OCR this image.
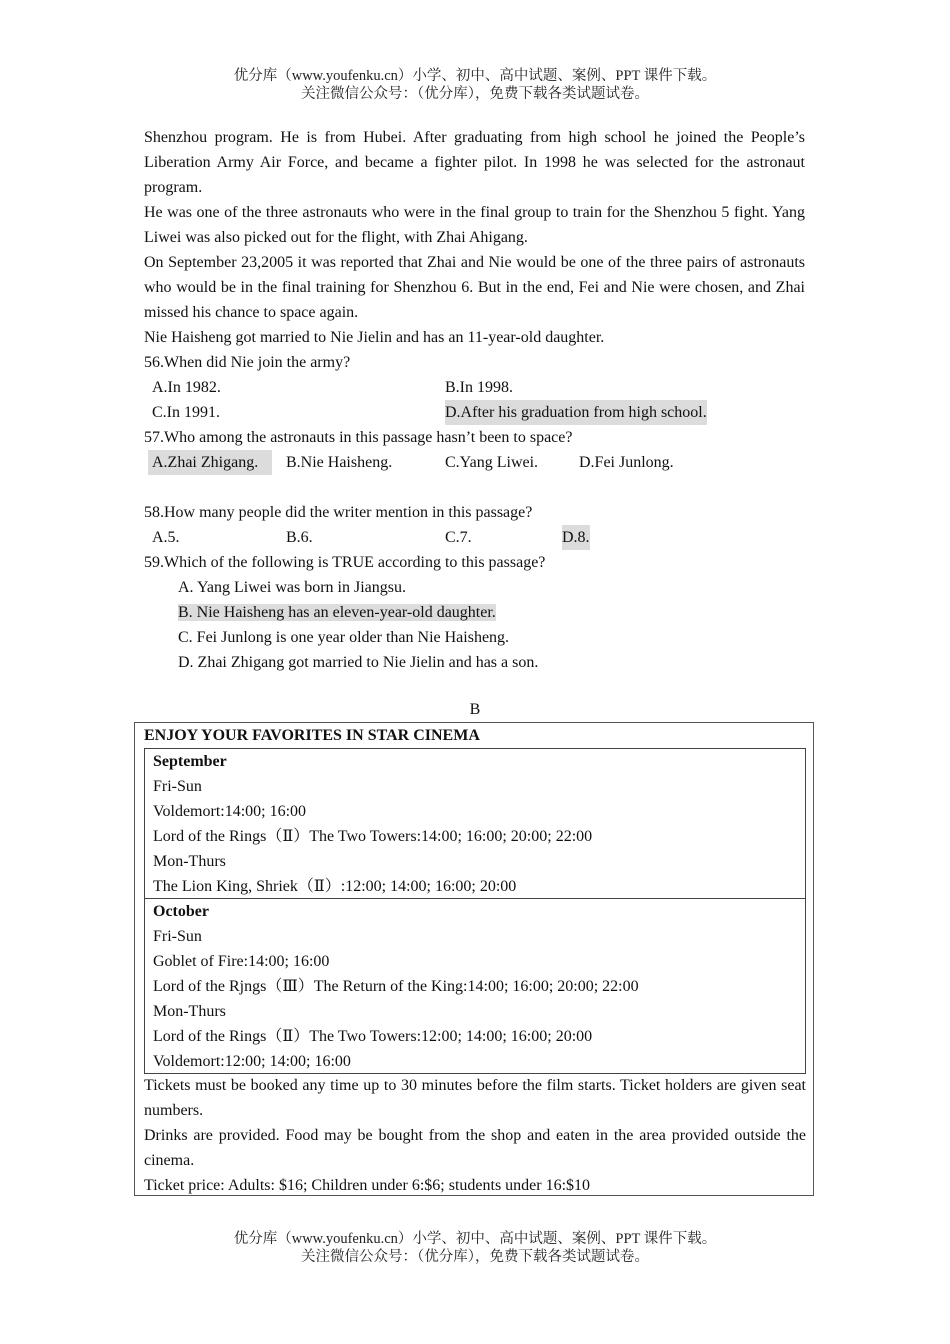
优分库（www.youfenku.cn）小学、初中、高中试题、案例、PPT 课件下载。
关注微信公众号：（优分库），免费下载各类试题试卷。
Shenzhou program. He is from Hubei. After graduating from high school he joined the People’s Liberation Army Air Force, and became a fighter pilot. In 1998 he was selected for the astronaut program.
He was one of the three astronauts who were in the final group to train for the Shenzhou 5 fight. Yang Liwei was also picked out for the flight, with Zhai Ahigang.
On September 23,2005 it was reported that Zhai and Nie would be one of the three pairs of astronauts who would be in the final training for Shenzhou 6. But in the end, Fei and Nie were chosen, and Zhai missed his chance to space again.
Nie Haisheng got married to Nie Jielin and has an 11-year-old daughter.
56.When did Nie join the army?
A.In 1982.	B.In 1998.
C.In 1991.	D.After his graduation from high school.
57.Who among the astronauts in this passage hasn’t been to space?
A.Zhai Zhigang.	B.Nie Haisheng.	C.Yang Liwei.	D.Fei Junlong.
58.How many people did the writer mention in this passage?
A.5.	B.6.	C.7.	D.8.
59.Which of the following is TRUE according to this passage?
A. Yang Liwei was born in Jiangsu.
B. Nie Haisheng has an eleven-year-old daughter.
C. Fei Junlong is one year older than Nie Haisheng.
D. Zhai Zhigang got married to Nie Jielin and has a son.
B
ENJOY YOUR FAVORITES IN STAR CINEMA
September
Fri-Sun
Voldemort:14:00; 16:00
Lord of the Rings（Ⅱ）The Two Towers:14:00; 16:00; 20:00; 22:00
Mon-Thurs
The Lion King, Shriek（Ⅱ）:12:00; 14:00; 16:00; 20:00
October
Fri-Sun
Goblet of Fire:14:00; 16:00
Lord of the Rjngs（Ⅲ）The Return of the King:14:00; 16:00; 20:00; 22:00
Mon-Thurs
Lord of the Rings（Ⅱ）The Two Towers:12:00; 14:00; 16:00; 20:00
Voldemort:12:00; 14:00; 16:00
Tickets must be booked any time up to 30 minutes before the film starts. Ticket holders are given seat numbers.
Drinks are provided. Food may be bought from the shop and eaten in the area provided outside the cinema.
Ticket price: Adults: $16; Children under 6:$6; students under 16:$10
优分库（www.youfenku.cn）小学、初中、高中试题、案例、PPT 课件下载。
关注微信公众号：（优分库），免费下载各类试题试卷。
